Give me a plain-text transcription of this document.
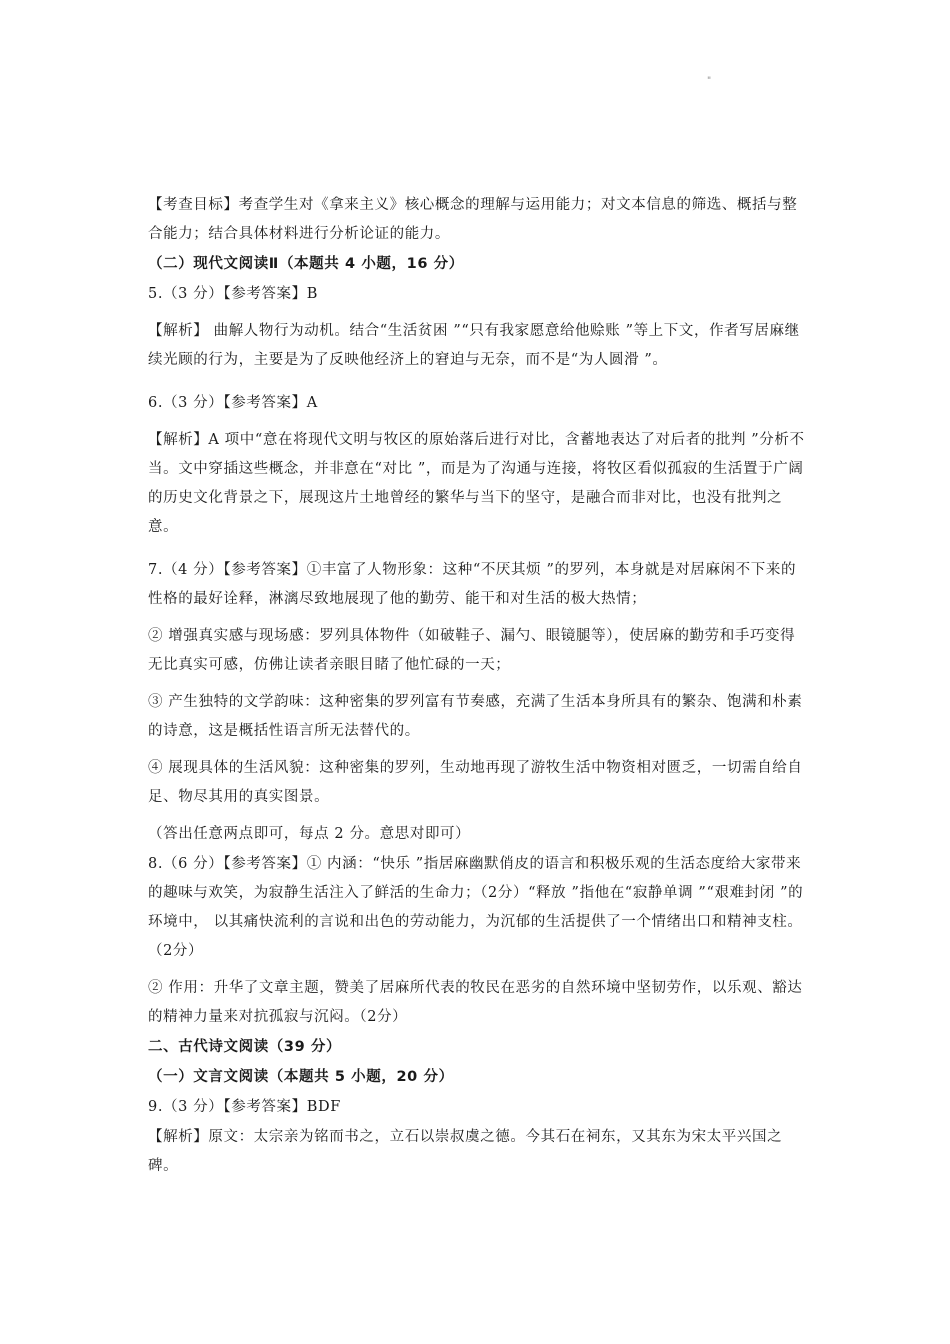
"

【考查目标】考查学生对《拿来主义》核心概念的理解与运用能力；对文本信息的筛选、概括与整合能力；结合具体材料进行分析论证的能力。

（二）现代文阅读Ⅱ（本题共 4 小题，16 分）

5.（3 分）【参考答案】B

【解析】 曲解人物行为动机。结合“生活贫困 ”“只有我家愿意给他赊账 ”等上下文，作者写居麻继续光顾的行为，主要是为了反映他经济上的窘迫与无奈，而不是“为人圆滑 ”。

6.（3 分）【参考答案】A

【解析】A 项中“意在将现代文明与牧区的原始落后进行对比，含蓄地表达了对后者的批判 ”分析不当。文中穿插这些概念，并非意在“对比 ”，而是为了沟通与连接，将牧区看似孤寂的生活置于广阔的历史文化背景之下，展现这片土地曾经的繁华与当下的坚守，是融合而非对比，也没有批判之意。

7.（4 分）【参考答案】①丰富了人物形象：这种“不厌其烦 ”的罗列，本身就是对居麻闲不下来的性格的最好诠释，淋漓尽致地展现了他的勤劳、能干和对生活的极大热情；

② 增强真实感与现场感：罗列具体物件（如破鞋子、漏勺、眼镜腿等），使居麻的勤劳和手巧变得无比真实可感，仿佛让读者亲眼目睹了他忙碌的一天；

③ 产生独特的文学韵味：这种密集的罗列富有节奏感，充满了生活本身所具有的繁杂、饱满和朴素的诗意，这是概括性语言所无法替代的。

④ 展现具体的生活风貌：这种密集的罗列，生动地再现了游牧生活中物资相对匮乏，一切需自给自足、物尽其用的真实图景。

（答出任意两点即可，每点 2 分。意思对即可）

8.（6 分）【参考答案】① 内涵：“快乐 ”指居麻幽默俏皮的语言和积极乐观的生活态度给大家带来的趣味与欢笑，为寂静生活注入了鲜活的生命力；（2分）“释放 ”指他在“寂静单调 ”“艰难封闭 ”的环境中， 以其痛快流利的言说和出色的劳动能力，为沉郁的生活提供了一个情绪出口和精神支柱。（2分）

② 作用：升华了文章主题，赞美了居麻所代表的牧民在恶劣的自然环境中坚韧劳作，以乐观、豁达的精神力量来对抗孤寂与沉闷。（2分）

二、古代诗文阅读（39 分）

（一）文言文阅读（本题共 5 小题，20 分）

9.（3 分）【参考答案】BDF

【解析】原文：太宗亲为铭而书之，立石以崇叔虞之德。今其石在祠东，又其东为宋太平兴国之碑。
